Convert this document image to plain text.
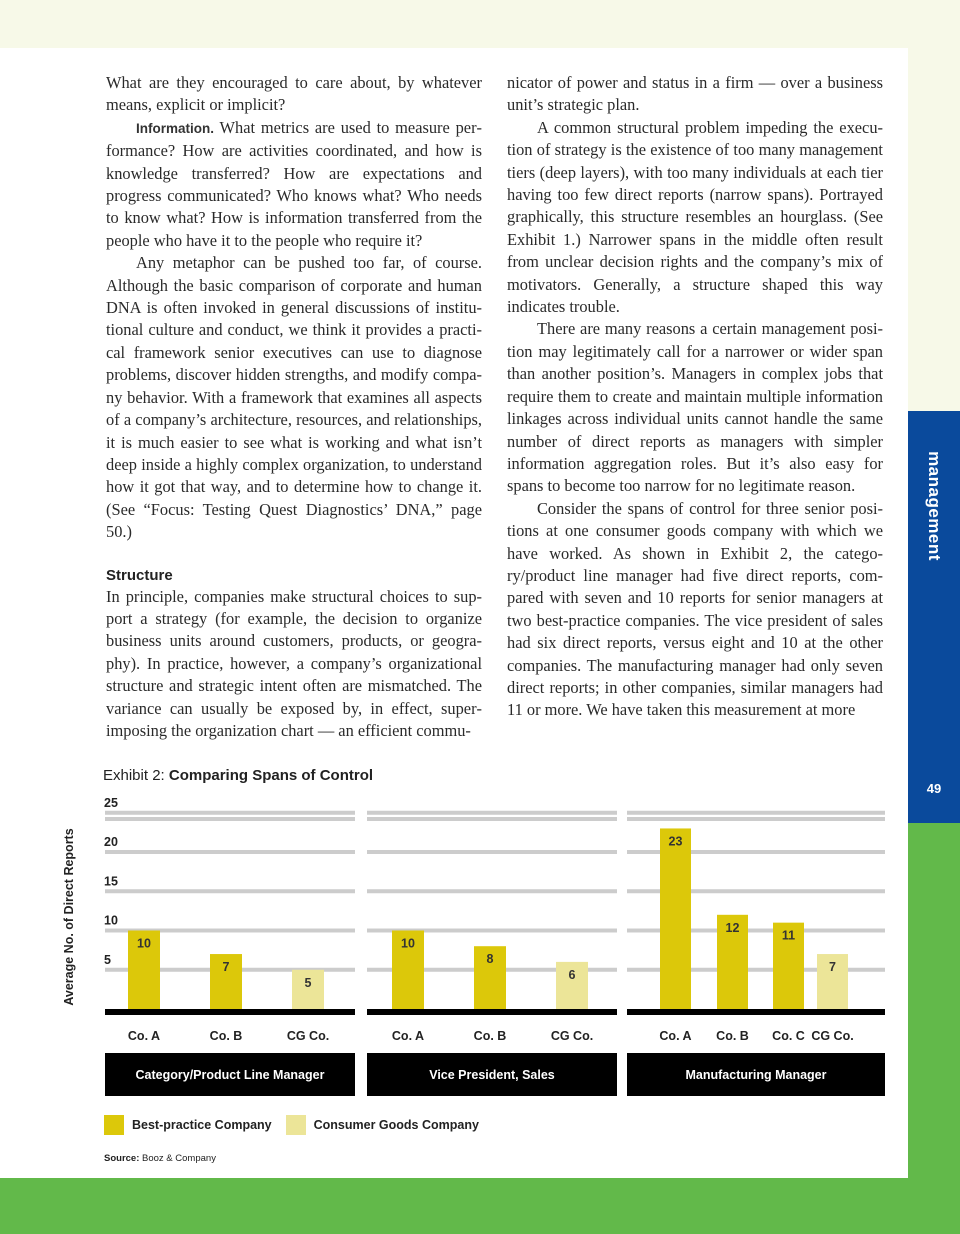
management
49

What are they encouraged to care about, by whatever means, explicit or implicit?

Information. What metrics are used to measure performance? How are activities coordinated, and how is knowledge transferred? How are expectations and progress communicated? Who knows what? Who needs to know what? How is information transferred from the people who have it to the people who require it?

Any metaphor can be pushed too far, of course. Although the basic comparison of corporate and human DNA is often invoked in general discussions of institutional culture and conduct, we think it provides a practical framework senior executives can use to diagnose problems, discover hidden strengths, and modify company behavior. With a framework that examines all aspects of a company’s architecture, resources, and relationships, it is much easier to see what is working and what isn’t deep inside a highly complex organization, to understand how it got that way, and to determine how to change it. (See “Focus: Testing Quest Diagnostics’ DNA,” page 50.)

Structure

In principle, companies make structural choices to support a strategy (for example, the decision to organize business units around customers, products, or geography). In practice, however, a company’s organizational structure and strategic intent often are mismatched. The variance can usually be exposed by, in effect, superimposing the organization chart — an efficient commu-

nicator of power and status in a firm — over a business unit’s strategic plan.

A common structural problem impeding the execution of strategy is the existence of too many management tiers (deep layers), with too many individuals at each tier having too few direct reports (narrow spans). Portrayed graphically, this structure resembles an hourglass. (See Exhibit 1.) Narrower spans in the middle often result from unclear decision rights and the company’s mix of motivators. Generally, a structure shaped this way indicates trouble.

There are many reasons a certain management position may legitimately call for a narrower or wider span than another position’s. Managers in complex jobs that require them to create and maintain multiple information linkages across individual units cannot handle the same number of direct reports as managers with simpler information aggregation roles. But it’s also easy for spans to become too narrow for no legitimate reason.

Consider the spans of control for three senior positions at one consumer goods company with which we have worked. As shown in Exhibit 2, the category/product line manager had five direct reports, compared with seven and 10 reports for senior managers at two best-practice companies. The vice president of sales had six direct reports, versus eight and 10 at the other companies. The manufacturing manager had only seven direct reports; in other companies, similar managers had 11 or more. We have taken this measurement at more

Exhibit 2: Comparing Spans of Control
Average No. of Direct Reports
25
20
15
10
5
10
Co. A
7
Co. B
5
CG Co.
Category/Product Line Manager
10
Co. A
8
Co. B
6
CG Co.
Vice President, Sales
23
Co. A
12
Co. B
11
Co. C
7
CG Co.
Manufacturing Manager
Best-practice Company	Consumer Goods Company
Source: Booz & Company
